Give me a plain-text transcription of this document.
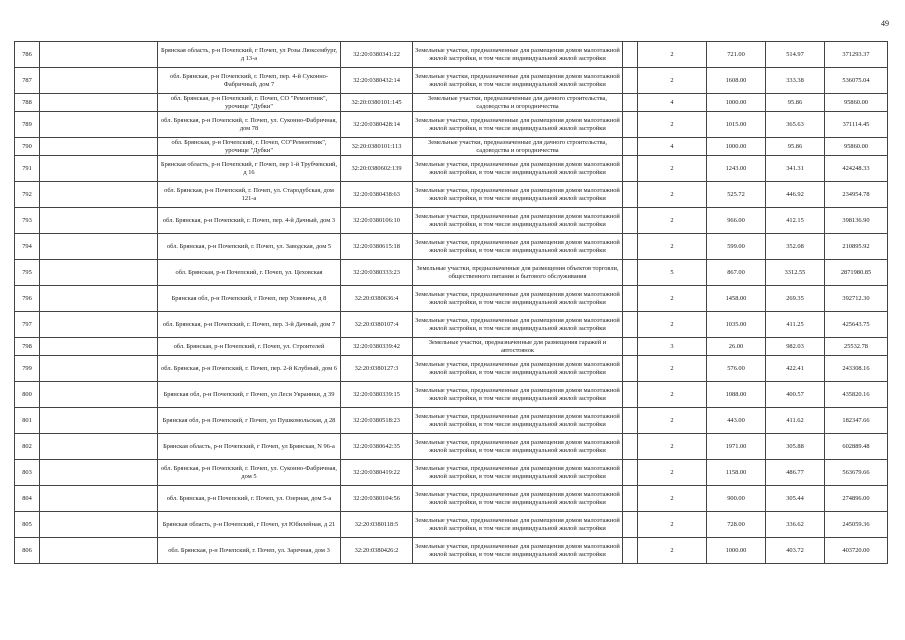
49
786		Брянская область, р-н Почепский, г Почеп, ул Розы Люксембург, д 13-а	32:20:0380341:22	Земельные участки, предназначенные для размещения домов малоэтажной жилой застройки, в том числе индивидуальной жилой застройки		2	721.00	514.97	371293.37
787		обл. Брянская, р-н Почепский, г. Почеп, пер. 4-й Суконно-Фабричный, дом 7	32:20:0380432:14	Земельные участки, предназначенные для размещения домов малоэтажной жилой застройки, в том числе индивидуальной жилой застройки		2	1608.00	333.38	536075.04
788		обл. Брянская, р-н Почепский, г. Почеп, СО "Ремонтник", урочище "Дубки"	32:20:0380101:145	Земельные участки, предназначенные для дачного строительства, садоводства и огородничества		4	1000.00	95.86	95860.00
789		обл. Брянская, р-н Почепский, г. Почеп, ул. Суконно-Фабричная, дом 78	32:20:0380428:14	Земельные участки, предназначенные для размещения домов малоэтажной жилой застройки, в том числе индивидуальной жилой застройки		2	1015.00	365.63	371114.45
790		обл. Брянская, р-н Почепский, г. Почеп, СО"Ремонтник", урочище "Дубки"	32:20:0380101:113	Земельные участки, предназначенные для дачного строительства, садоводства и огородничества		4	1000.00	95.86	95860.00
791		Брянская область, р-н Почепский, г Почеп, пер 1-й Трубчевский, д 16	32:20:0380602:139	Земельные участки, предназначенные для размещения домов малоэтажной жилой застройки, в том числе индивидуальной жилой застройки		2	1243.00	341.31	424248.33
792		обл. Брянская, р-н Почепский, г. Почеп, ул. Стародубская, дом 121-а	32:20:0380438:63	Земельные участки, предназначенные для размещения домов малоэтажной жилой застройки, в том числе индивидуальной жилой застройки		2	525.72	446.92	234954.78
793		обл. Брянская, р-н Почепский, г. Почеп, пер. 4-й Дачный, дом 3	32:20:0380106:10	Земельные участки, предназначенные для размещения домов малоэтажной жилой застройки, в том числе индивидуальной жилой застройки		2	966.00	412.15	398136.90
794		обл. Брянская, р-н Почепский, г. Почеп, ул. Заводская, дом 5	32:20:0380615:18	Земельные участки, предназначенные для размещения домов малоэтажной жилой застройки, в том числе индивидуальной жилой застройки		2	599.00	352.08	210895.92
795		обл. Брянская, р-н Почепский, г. Почеп, ул. Цеховская	32:20:0380333:23	Земельные участки, предназначенные для размещения объектов торговли, общественного питания и бытового обслуживания		5	867.00	3312.55	2871980.85
796		Брянская обл, р-н Почепский, г Почеп, пер Усиевича, д 8	32:20:0380636:4	Земельные участки, предназначенные для размещения домов малоэтажной жилой застройки, в том числе индивидуальной жилой застройки		2	1458.00	269.35	392712.30
797		обл. Брянская, р-н Почепский, г. Почеп, пер. 3-й Дачный, дом 7	32:20:0380107:4	Земельные участки, предназначенные для размещения домов малоэтажной жилой застройки, в том числе индивидуальной жилой застройки		2	1035.00	411.25	425643.75
798		обл. Брянская, р-н Почепский, г. Почеп, ул. Строителей	32:20:0380339:42	Земельные участки, предназначенные для размещения гаражей и автостоянок		3	26.00	982.03	25532.78
799		обл. Брянская, р-н Почепский, г. Почеп, пер. 2-й Клубный, дом 6	32:20:0380127:3	Земельные участки, предназначенные для размещения домов малоэтажной жилой застройки, в том числе индивидуальной жилой застройки		2	576.00	422.41	243308.16
800		Брянская обл, р-н Почепский, г Почеп, ул Леси Украинки, д 39	32:20:0380339:15	Земельные участки, предназначенные для размещения домов малоэтажной жилой застройки, в том числе индивидуальной жилой застройки		2	1088.00	400.57	435820.16
801		Брянская обл, р-н Почепский, г Почеп, ул Пушкомольская, д 28	32:20:0380518:23	Земельные участки, предназначенные для размещения домов малоэтажной жилой застройки, в том числе индивидуальной жилой застройки		2	443.00	411.62	182347.66
802		Брянская область, р-н Почепский, г Почеп, ул Брянская, N 96-а	32:20:0380642:35	Земельные участки, предназначенные для размещения домов малоэтажной жилой застройки, в том числе индивидуальной жилой застройки		2	1971.00	305.88	602889.48
803		обл. Брянская, р-н Почепский, г. Почеп, ул. Суконно-Фабричная, дом 5	32:20:0380419:22	Земельные участки, предназначенные для размещения домов малоэтажной жилой застройки, в том числе индивидуальной жилой застройки		2	1158.00	486.77	563679.66
804		обл. Брянская, р-н Почепский, г. Почеп, ул. Озерная, дом 5-а	32:20:0380104:56	Земельные участки, предназначенные для размещения домов малоэтажной жилой застройки, в том числе индивидуальной жилой застройки		2	900.00	305.44	274896.00
805		Брянская область, р-н Почепский, г Почеп, ул Юбилейная, д 21	32:20:0380118:5	Земельные участки, предназначенные для размещения домов малоэтажной жилой застройки, в том числе индивидуальной жилой застройки		2	728.00	336.62	245059.36
806		обл. Брянская, р-н Почепский, г. Почеп, ул. Заречная, дом 3	32:20:0380426:2	Земельные участки, предназначенные для размещения домов малоэтажной жилой застройки, в том числе индивидуальной жилой застройки		2	1000.00	403.72	403720.00
